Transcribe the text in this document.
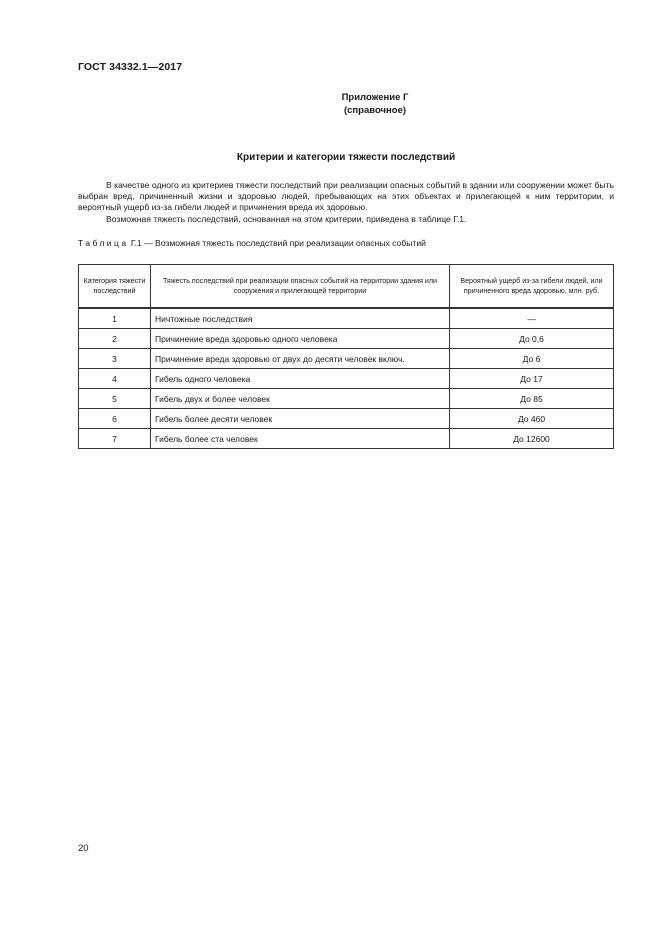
ГОСТ 34332.1—2017
Приложение Г
(справочное)
Критерии и категории тяжести последствий
В качестве одного из критериев тяжести последствий при реализации опасных событий в здании или сооружении может быть выбран вред, причиненный жизни и здоровью людей, пребывающих на этих объектах и прилегающей к ним территории, и вероятный ущерб из-за гибели людей и причинения вреда их здоровью.
Возможная тяжесть последствий, основанная на этом критерии, приведена в таблице Г.1.
Таблица Г.1 — Возможная тяжесть последствий при реализации опасных событий
Категория тяжести последствий	Тяжесть последствий при реализации опасных событий на территории здания или сооружения и прилегающей территории	Вероятный ущерб из-за гибели людей, или причиненного вреда здоровью, млн. руб.
1	Ничтожные последствия	—
2	Причинение вреда здоровью одного человека	До 0,6
3	Причинение вреда здоровью от двух до десяти человек включ.	До 6
4	Гибель одного человека	До 17
5	Гибель двух и более человек	До 85
6	Гибель более десяти человек	До 460
7	Гибель более ста человек	До 12600
20
